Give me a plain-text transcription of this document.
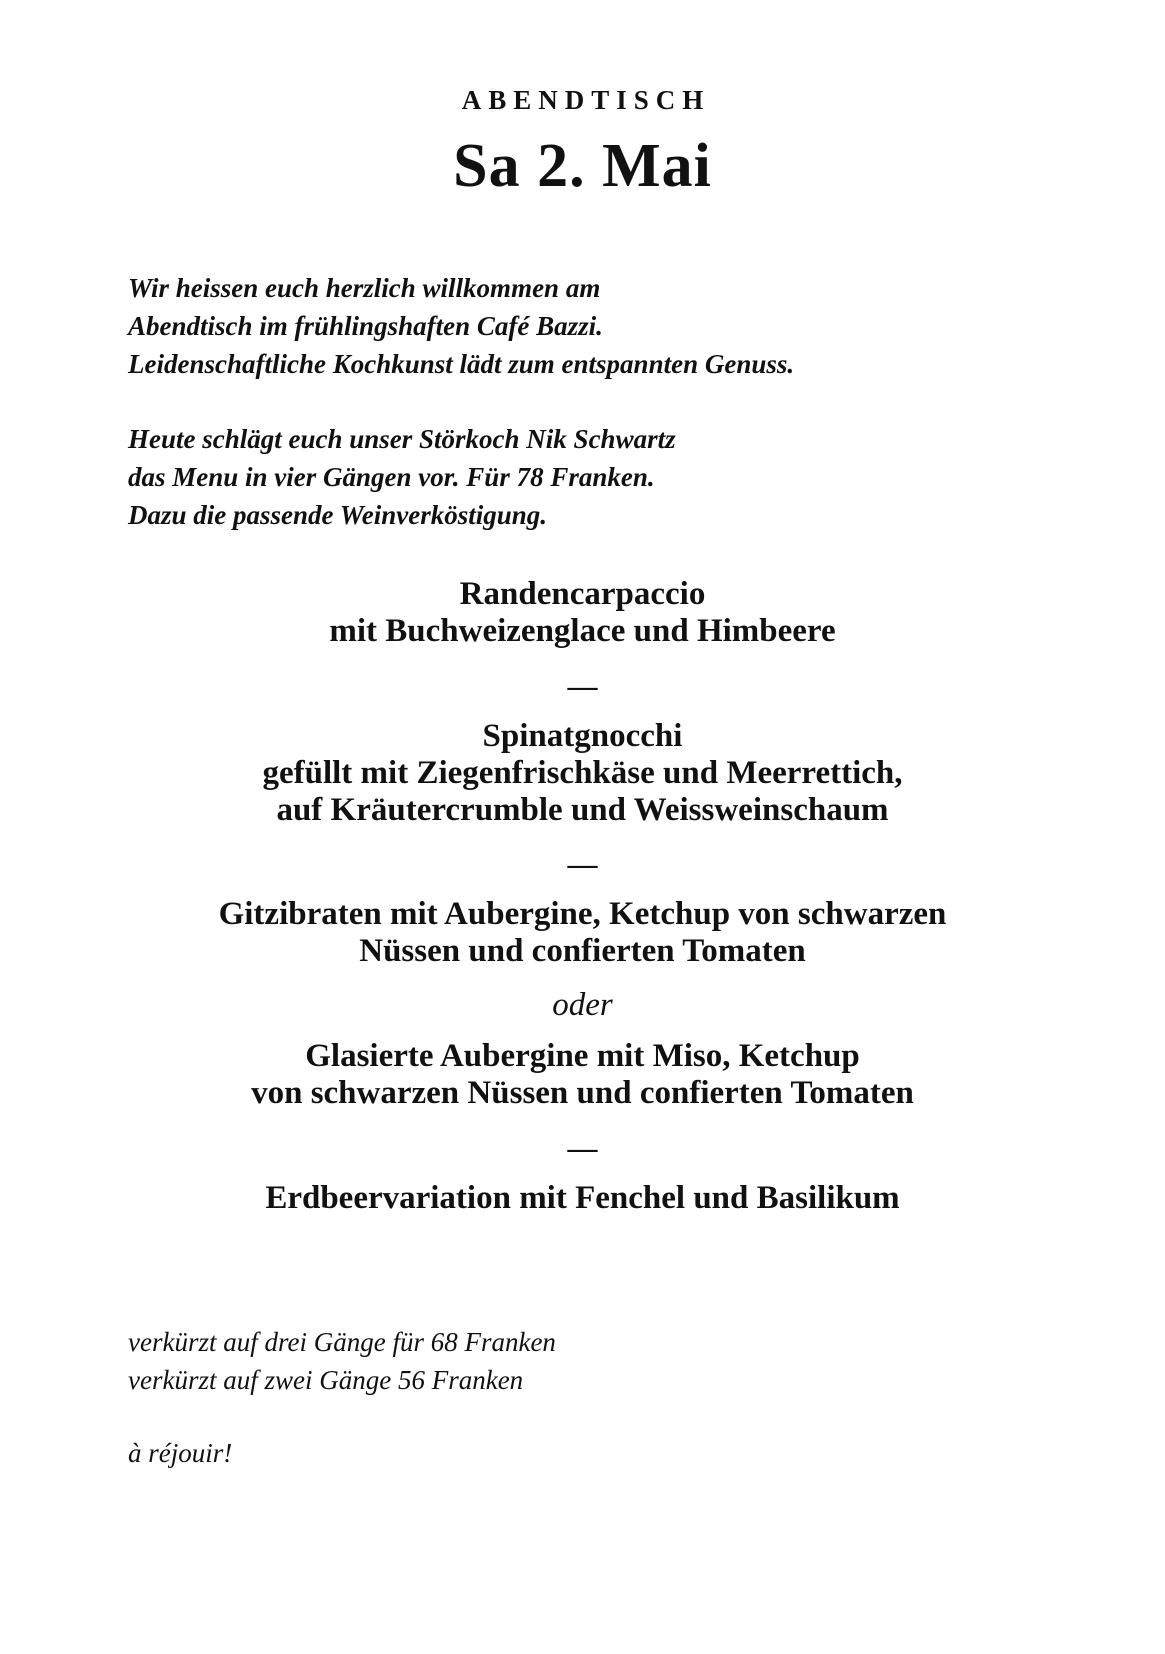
ABENDTISCH
Sa 2. Mai

Wir heissen euch herzlich willkommen am

Abendtisch im frühlingshaften Café Bazzi.

Leidenschaftliche Kochkunst lädt zum entspannten Genuss.

Heute schlägt euch unser Störkoch Nik Schwartz

das Menu in vier Gängen vor. Für 78 Franken.

Dazu die passende Weinverköstigung.

Randencarpaccio

mit Buchweizenglace und Himbeere

—

Spinatgnocchi

gefüllt mit Ziegenfrischkäse und Meerrettich,

auf Kräutercrumble und Weissweinschaum

—

Gitzibraten mit Aubergine, Ketchup von schwarzen

Nüssen und confierten Tomaten

oder

Glasierte Aubergine mit Miso, Ketchup

von schwarzen Nüssen und confierten Tomaten

—

Erdbeervariation mit Fenchel und Basilikum

verkürzt auf drei Gänge für 68 Franken

verkürzt auf zwei Gänge 56 Franken

à réjouir!
